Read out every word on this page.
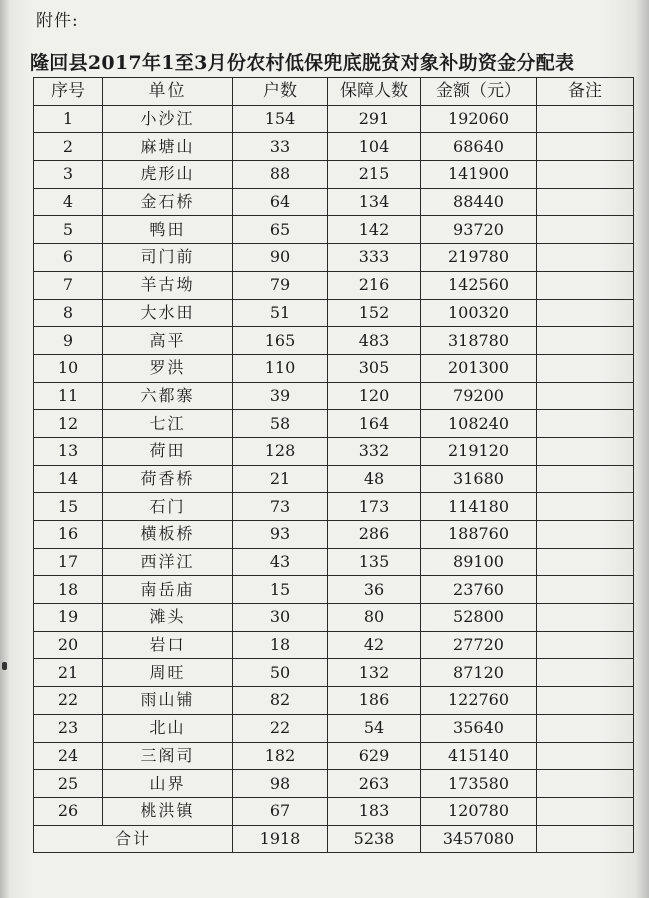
附件:
隆回县2017年1至3月份农村低保兜底脱贫对象补助资金分配表
序号	单位	户数	保障人数	金额（元）	备注
1	小沙江	154	291	192060	
2	麻塘山	33	104	68640	
3	虎形山	88	215	141900	
4	金石桥	64	134	88440	
5	鸭田	65	142	93720	
6	司门前	90	333	219780	
7	羊古坳	79	216	142560	
8	大水田	51	152	100320	
9	高平	165	483	318780	
10	罗洪	110	305	201300	
11	六都寨	39	120	79200	
12	七江	58	164	108240	
13	荷田	128	332	219120	
14	荷香桥	21	48	31680	
15	石门	73	173	114180	
16	横板桥	93	286	188760	
17	西洋江	43	135	89100	
18	南岳庙	15	36	23760	
19	滩头	30	80	52800	
20	岩口	18	42	27720	
21	周旺	50	132	87120	
22	雨山铺	82	186	122760	
23	北山	22	54	35640	
24	三阁司	182	629	415140	
25	山界	98	263	173580	
26	桃洪镇	67	183	120780	
合计		1918	5238	3457080	
